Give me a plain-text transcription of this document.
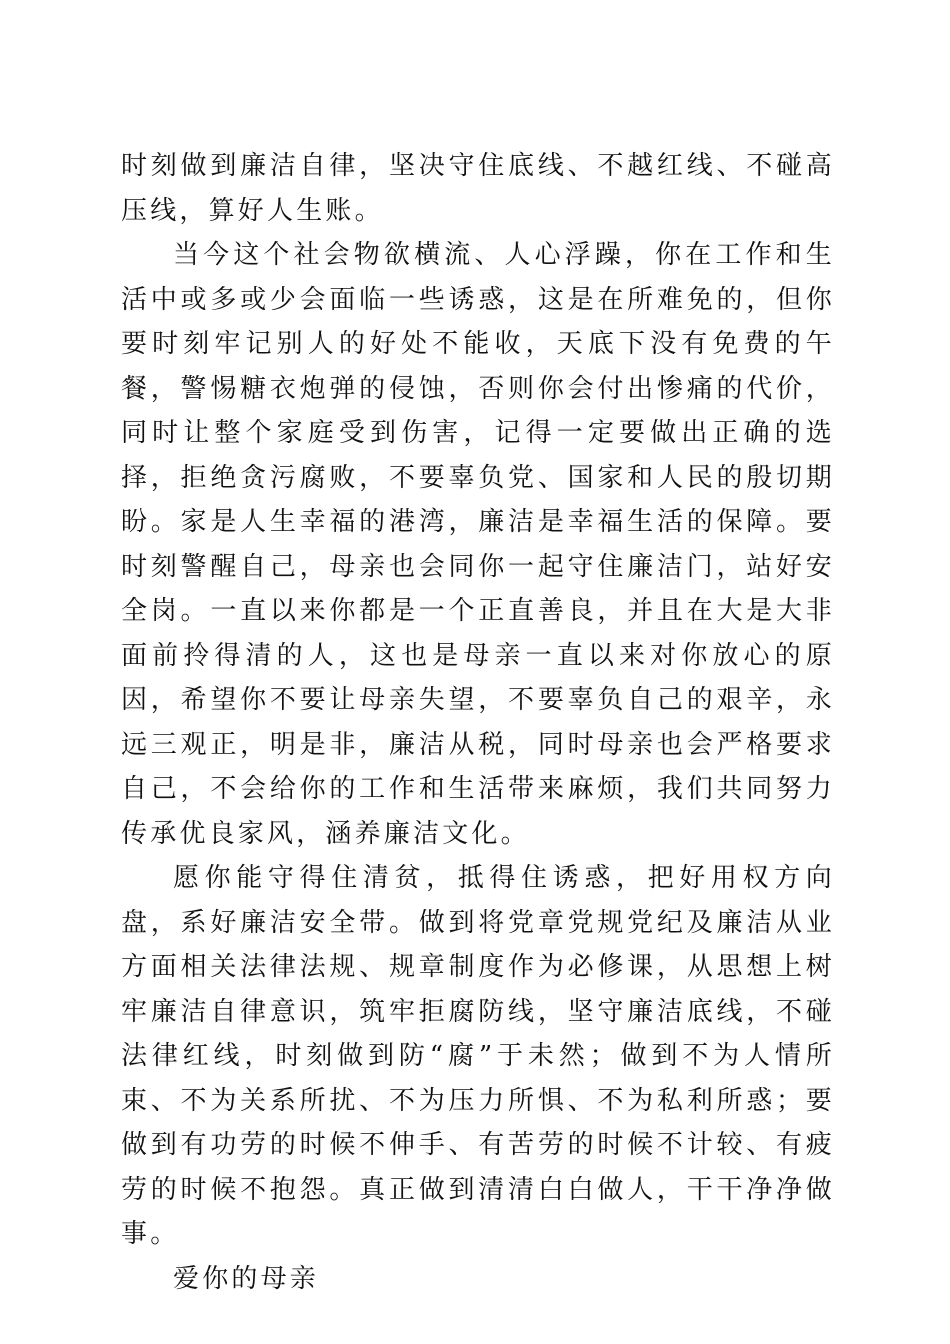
时刻做到廉洁自律，坚决守住底线、不越红线、不碰高压线，算好人生账。

当今这个社会物欲横流、人心浮躁，你在工作和生活中或多或少会面临一些诱惑，这是在所难免的，但你要时刻牢记别人的好处不能收，天底下没有免费的午餐，警惕糖衣炮弹的侵蚀，否则你会付出惨痛的代价，同时让整个家庭受到伤害，记得一定要做出正确的选择，拒绝贪污腐败，不要辜负党、国家和人民的殷切期盼。家是人生幸福的港湾，廉洁是幸福生活的保障。要时刻警醒自己，母亲也会同你一起守住廉洁门，站好安全岗。一直以来你都是一个正直善良，并且在大是大非面前拎得清的人，这也是母亲一直以来对你放心的原因，希望你不要让母亲失望，不要辜负自己的艰辛，永远三观正，明是非，廉洁从税，同时母亲也会严格要求自己，不会给你的工作和生活带来麻烦，我们共同努力传承优良家风，涵养廉洁文化。

愿你能守得住清贫，抵得住诱惑，把好用权方向盘，系好廉洁安全带。做到将党章党规党纪及廉洁从业方面相关法律法规、规章制度作为必修课，从思想上树牢廉洁自律意识，筑牢拒腐防线，坚守廉洁底线，不碰法律红线，时刻做到防“腐”于未然；做到不为人情所束、不为关系所扰、不为压力所惧、不为私利所惑；要做到有功劳的时候不伸手、有苦劳的时候不计较、有疲劳的时候不抱怨。真正做到清清白白做人，干干净净做事。

爱你的母亲
